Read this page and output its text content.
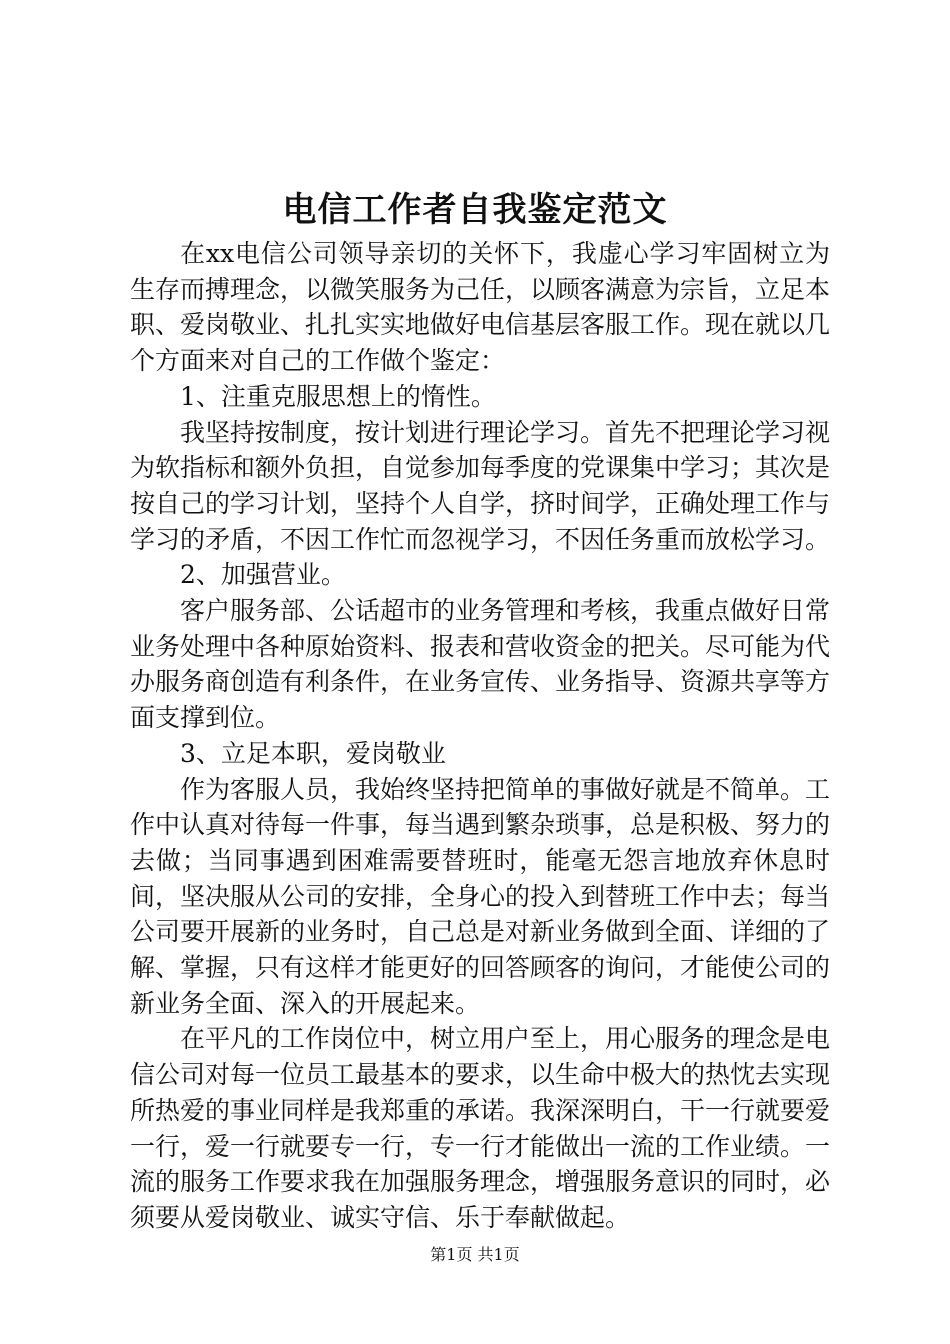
电信工作者自我鉴定范文

在xx电信公司领导亲切的关怀下，我虚心学习牢固树立为生存而搏理念，以微笑服务为己任，以顾客满意为宗旨，立足本职、爱岗敬业、扎扎实实地做好电信基层客服工作。现在就以几个方面来对自己的工作做个鉴定：

1、注重克服思想上的惰性。

我坚持按制度，按计划进行理论学习。首先不把理论学习视为软指标和额外负担，自觉参加每季度的党课集中学习；其次是按自己的学习计划，坚持个人自学，挤时间学，正确处理工作与学习的矛盾，不因工作忙而忽视学习，不因任务重而放松学习。

2、加强营业。

客户服务部、公话超市的业务管理和考核，我重点做好日常业务处理中各种原始资料、报表和营收资金的把关。尽可能为代办服务商创造有利条件，在业务宣传、业务指导、资源共享等方面支撑到位。

3、立足本职，爱岗敬业

作为客服人员，我始终坚持把简单的事做好就是不简单。工作中认真对待每一件事，每当遇到繁杂琐事，总是积极、努力的去做；当同事遇到困难需要替班时，能毫无怨言地放弃休息时间，坚决服从公司的安排，全身心的投入到替班工作中去；每当公司要开展新的业务时，自己总是对新业务做到全面、详细的了解、掌握，只有这样才能更好的回答顾客的询问，才能使公司的新业务全面、深入的开展起来。

在平凡的工作岗位中，树立用户至上，用心服务的理念是电信公司对每一位员工最基本的要求，以生命中极大的热忱去实现所热爱的事业同样是我郑重的承诺。我深深明白，干一行就要爱一行，爱一行就要专一行，专一行才能做出一流的工作业绩。一流的服务工作要求我在加强服务理念，增强服务意识的同时，必须要从爱岗敬业、诚实守信、乐于奉献做起。

第1页 共1页
